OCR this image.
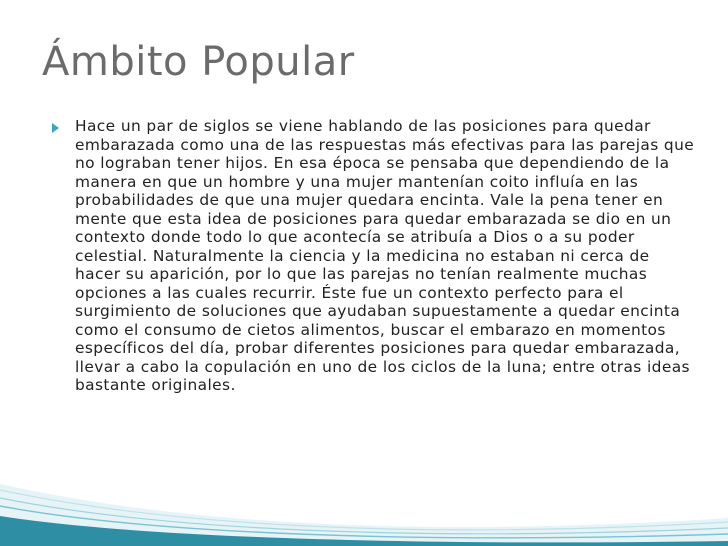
Ámbito Popular

Hace un par de siglos se viene hablando de las posiciones para quedar embarazada como una de las respuestas más efectivas para las parejas que no lograban tener hijos. En esa época se pensaba que dependiendo de la manera en que un hombre y una mujer mantenían coito influía en las probabilidades de que una mujer quedara encinta. Vale la pena tener en mente que esta idea de posiciones para quedar embarazada se dio en un contexto donde todo lo que acontecía se atribuía a Dios o a su poder celestial. Naturalmente la ciencia y la medicina no estaban ni cerca de hacer su aparición, por lo que las parejas no tenían realmente muchas opciones a las cuales recurrir. Éste fue un contexto perfecto para el surgimiento de soluciones que ayudaban supuestamente a quedar encinta como el consumo de cietos alimentos, buscar el embarazo en momentos específicos del día, probar diferentes posiciones para quedar embarazada, llevar a cabo la copulación en uno de los ciclos de la luna; entre otras ideas bastante originales.
